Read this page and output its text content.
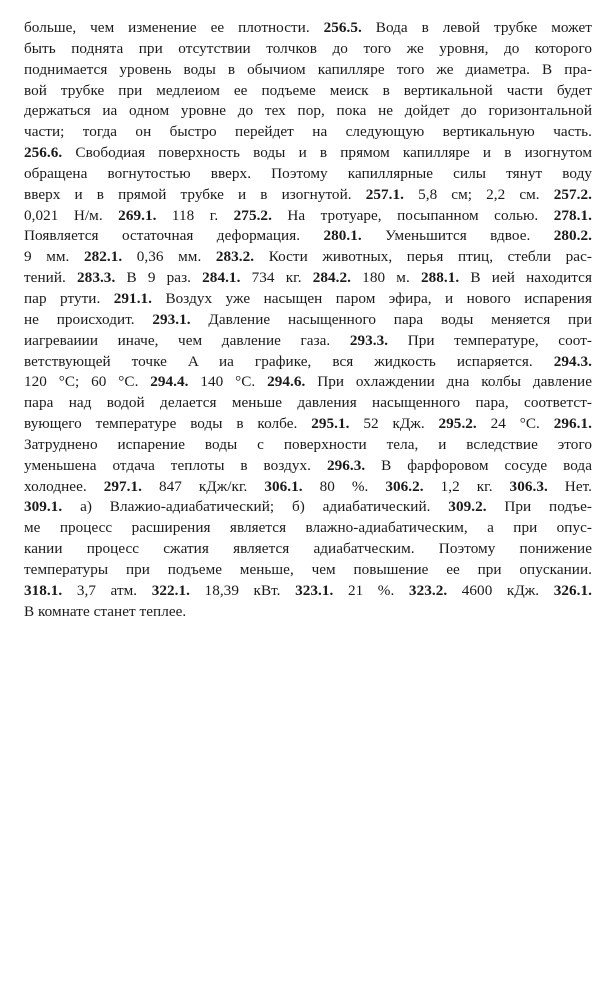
больше, чем изменение ее плотности. 256.5. Вода в левой трубке может
быть поднята при отсутствии толчков до того же уровня, до которого
поднимается уровень воды в обычиом капилляре того же диаметра. В пра-
вой трубке при медлеиом ее подъеме меиск в вертикальной части будет
держаться иа одном уровне до тех пор, пока не дойдет до горизонтальной
части; тогда он быстро перейдет на следующую вертикальную часть.
256.6. Свободиая поверхность воды и в прямом капилляре и в изогнутом
обращена вогнутостью вверх. Поэтому капиллярные силы тянут воду
вверх и в прямой трубке и в изогнутой. 257.1. 5,8 см; 2,2 см. 257.2.
0,021 Н/м. 269.1. 118 г. 275.2. На тротуаре, посыпанном солью. 278.1.
Появляется остаточная деформация. 280.1. Уменьшится вдвое. 280.2.
9 мм. 282.1. 0,36 мм. 283.2. Кости животных, перья птиц, стебли рас-
тений. 283.3. В 9 раз. 284.1. 734 кг. 284.2. 180 м. 288.1. В ией находится
пар ртути. 291.1. Воздух уже насыщен паром эфира, и нового испарения
не происходит. 293.1. Давление насыщенного пара воды меняется при
иагреваиии иначе, чем давление газа. 293.3. При температуре, соот-
ветствующей точке A иа графике, вся жидкость испаряется. 294.3.
120 °С; 60 °С. 294.4. 140 °С. 294.6. При охлаждении дна колбы давление
пара над водой делается меньше давления насыщенного пара, соответст-
вующего температуре воды в колбе. 295.1. 52 кДж. 295.2. 24 °С. 296.1.
Затруднено испарение воды с поверхности тела, и вследствие этого
уменьшена отдача теплоты в воздух. 296.3. В фарфоровом сосуде вода
холоднее. 297.1. 847 кДж/кг. 306.1. 80 %. 306.2. 1,2 кг. 306.3. Нет.
309.1. а) Влажио-адиабатический; б) адиабатический. 309.2. При подъе-
ме процесс расширения является влажно-адиабатическим, а при опус-
кании процесс сжатия является адиабатческим. Поэтому понижение
температуры при подъеме меньше, чем повышение ее при опускании.
318.1. 3,7 атм. 322.1. 18,39 кВт. 323.1. 21 %. 323.2. 4600 кДж. 326.1.
В комнате станет теплее.
